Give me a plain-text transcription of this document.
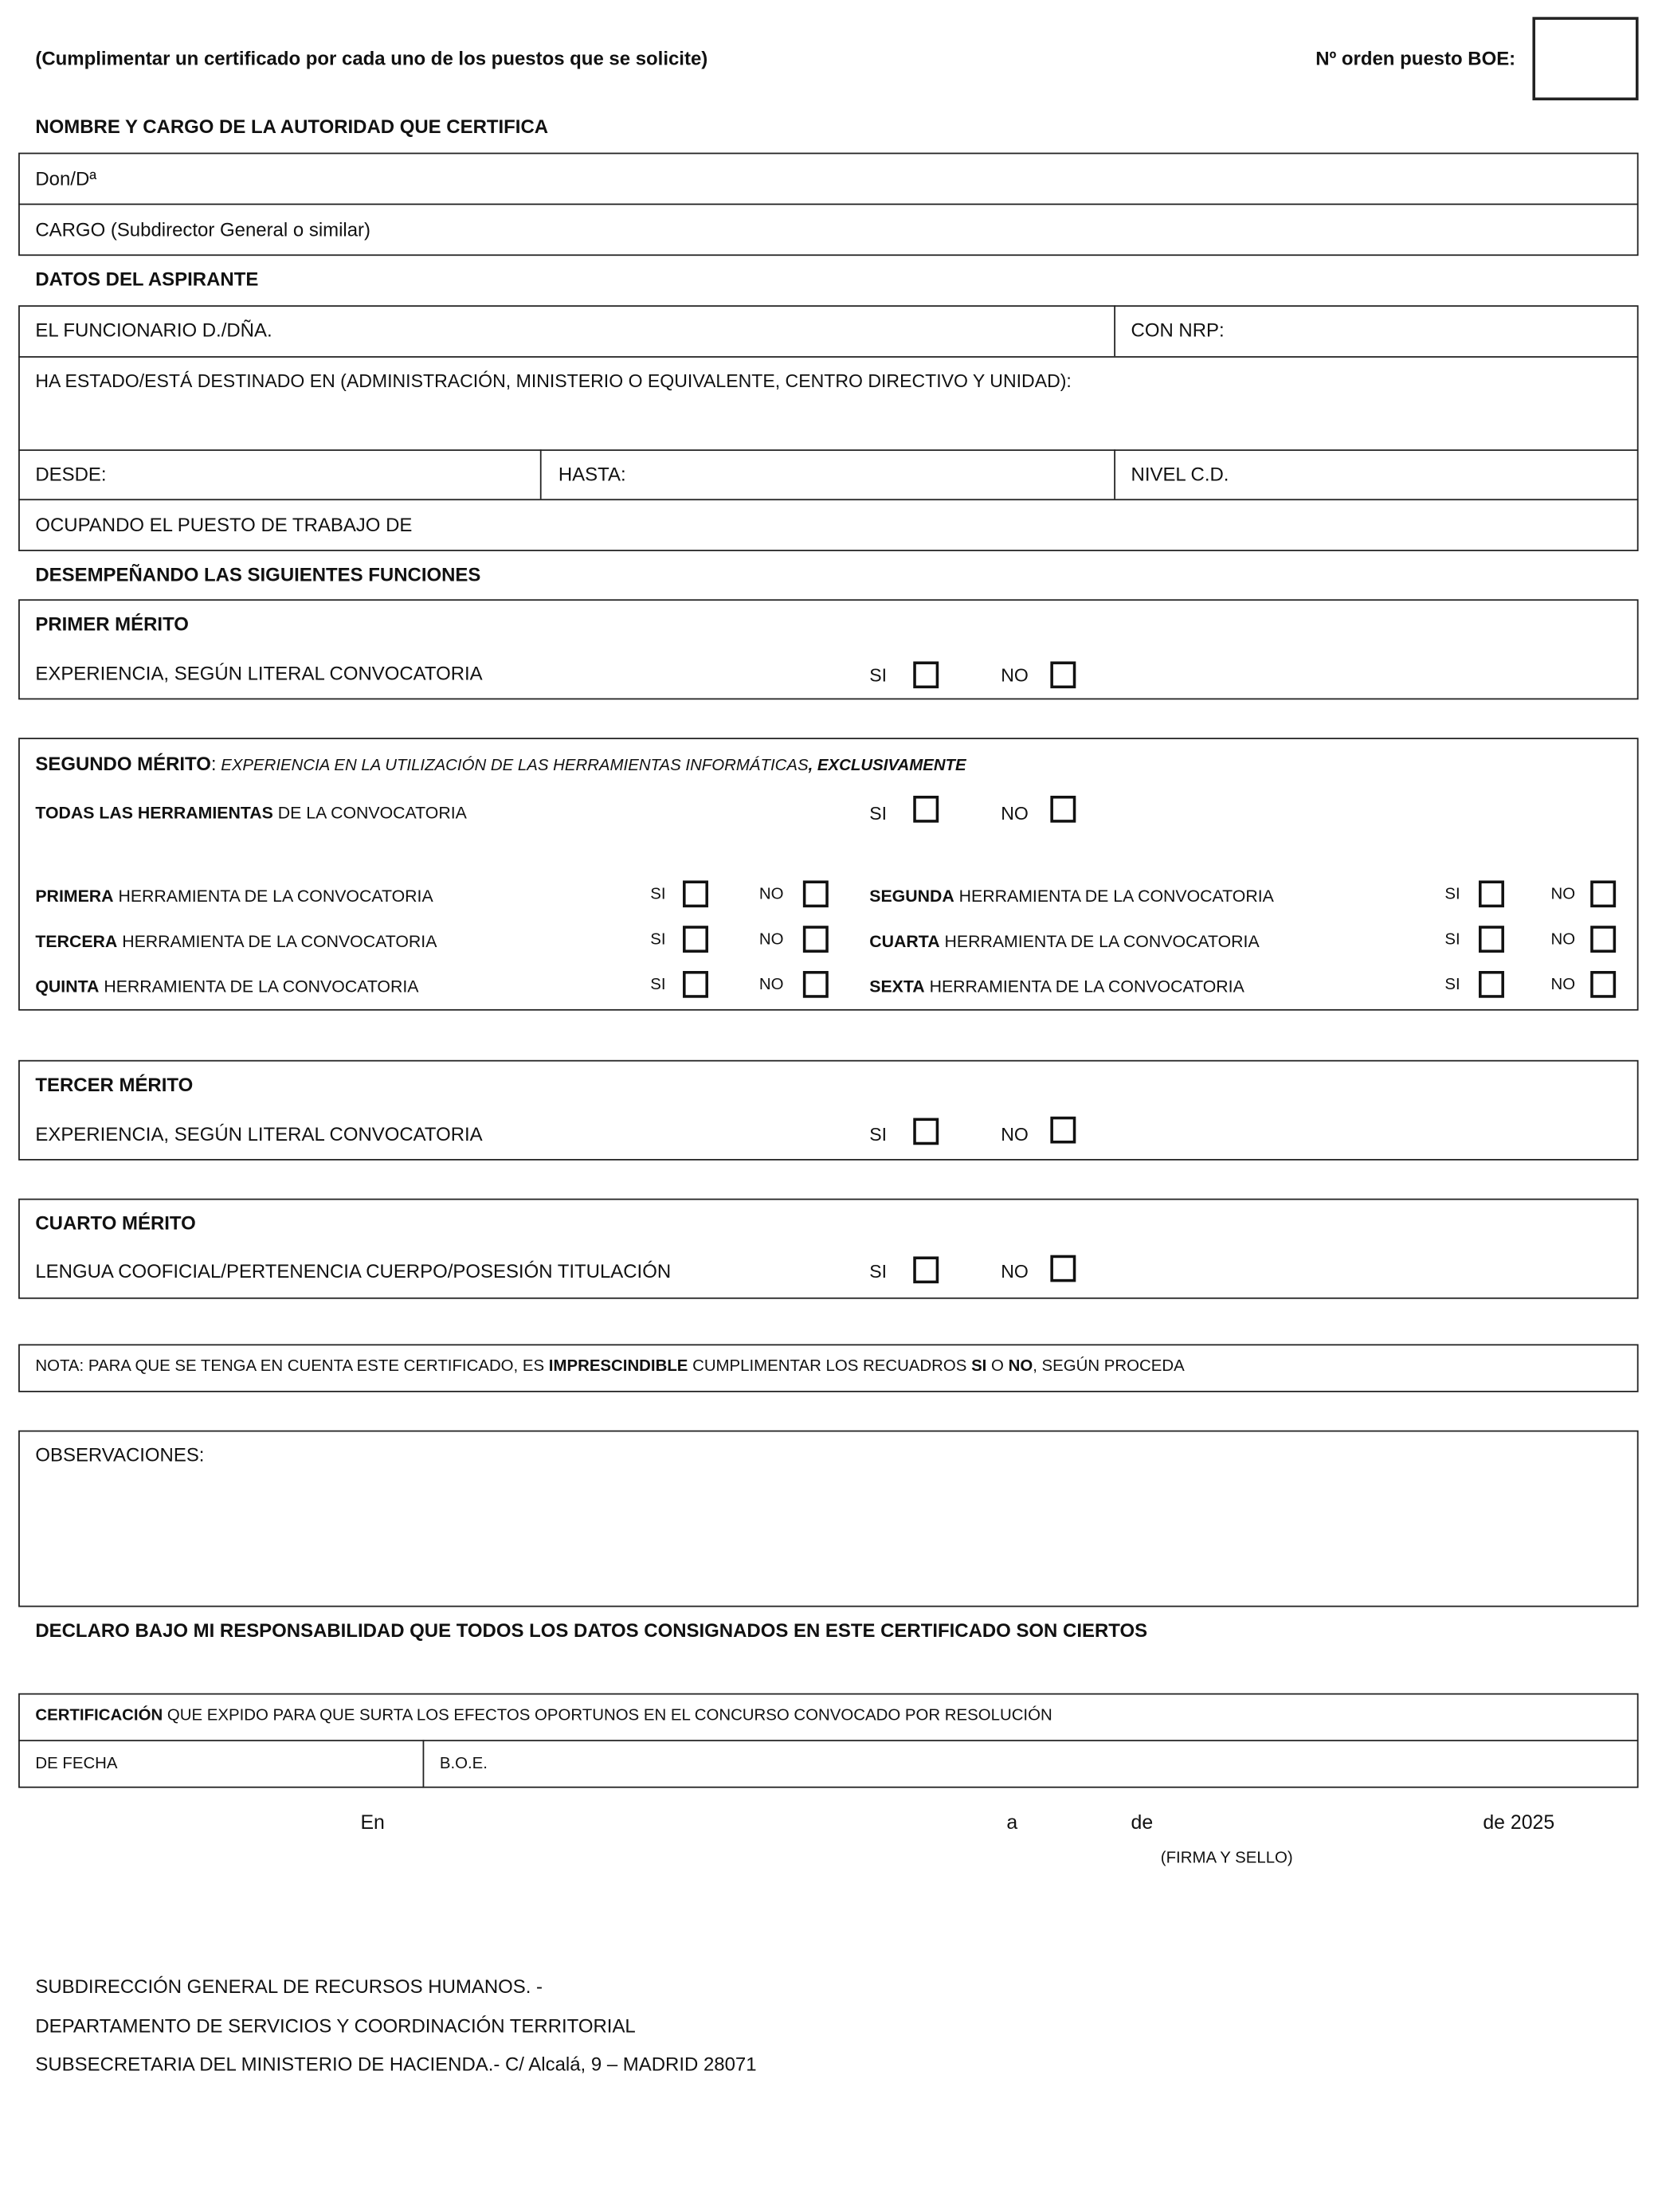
(Cumplimentar un certificado por cada uno de los puestos que se solicite)	Nº orden puesto BOE:
NOMBRE Y CARGO DE LA AUTORIDAD QUE CERTIFICA
Don/Dª
CARGO (Subdirector General o similar)
DATOS DEL ASPIRANTE
EL FUNCIONARIO D./DÑA.	CON NRP:
HA ESTADO/ESTÁ DESTINADO EN (ADMINISTRACIÓN, MINISTERIO O EQUIVALENTE, CENTRO DIRECTIVO Y UNIDAD):
DESDE:	HASTA:	NIVEL C.D.
OCUPANDO EL PUESTO DE TRABAJO DE
DESEMPEÑANDO LAS SIGUIENTES FUNCIONES
PRIMER MÉRITO
EXPERIENCIA, SEGÚN LITERAL CONVOCATORIA	SI	NO
SEGUNDO MÉRITO: EXPERIENCIA EN LA UTILIZACIÓN DE LAS HERRAMIENTAS INFORMÁTICAS, EXCLUSIVAMENTE
TODAS LAS HERRAMIENTAS DE LA CONVOCATORIA	SI	NO
PRIMERA HERRAMIENTA DE LA CONVOCATORIA	SI	NO	SEGUNDA HERRAMIENTA DE LA CONVOCATORIA	SI	NO
TERCERA HERRAMIENTA DE LA CONVOCATORIA	SI	NO	CUARTA HERRAMIENTA DE LA CONVOCATORIA	SI	NO
QUINTA HERRAMIENTA DE LA CONVOCATORIA	SI	NO	SEXTA HERRAMIENTA DE LA CONVOCATORIA	SI	NO
TERCER MÉRITO
EXPERIENCIA, SEGÚN LITERAL CONVOCATORIA	SI	NO
CUARTO MÉRITO
LENGUA COOFICIAL/PERTENENCIA CUERPO/POSESIÓN TITULACIÓN	SI	NO
NOTA: PARA QUE SE TENGA EN CUENTA ESTE CERTIFICADO, ES IMPRESCINDIBLE CUMPLIMENTAR LOS RECUADROS SI O NO, SEGÚN PROCEDA
OBSERVACIONES:
DECLARO BAJO MI RESPONSABILIDAD QUE TODOS LOS DATOS CONSIGNADOS EN ESTE CERTIFICADO SON CIERTOS
CERTIFICACIÓN QUE EXPIDO PARA QUE SURTA LOS EFECTOS OPORTUNOS EN EL CONCURSO CONVOCADO POR RESOLUCIÓN
DE FECHA	B.O.E.
En	a	de	de 2025
(FIRMA Y SELLO)
SUBDIRECCIÓN GENERAL DE RECURSOS HUMANOS. -
DEPARTAMENTO DE SERVICIOS Y COORDINACIÓN TERRITORIAL
SUBSECRETARIA DEL MINISTERIO DE HACIENDA.- C/ Alcalá, 9 – MADRID 28071
